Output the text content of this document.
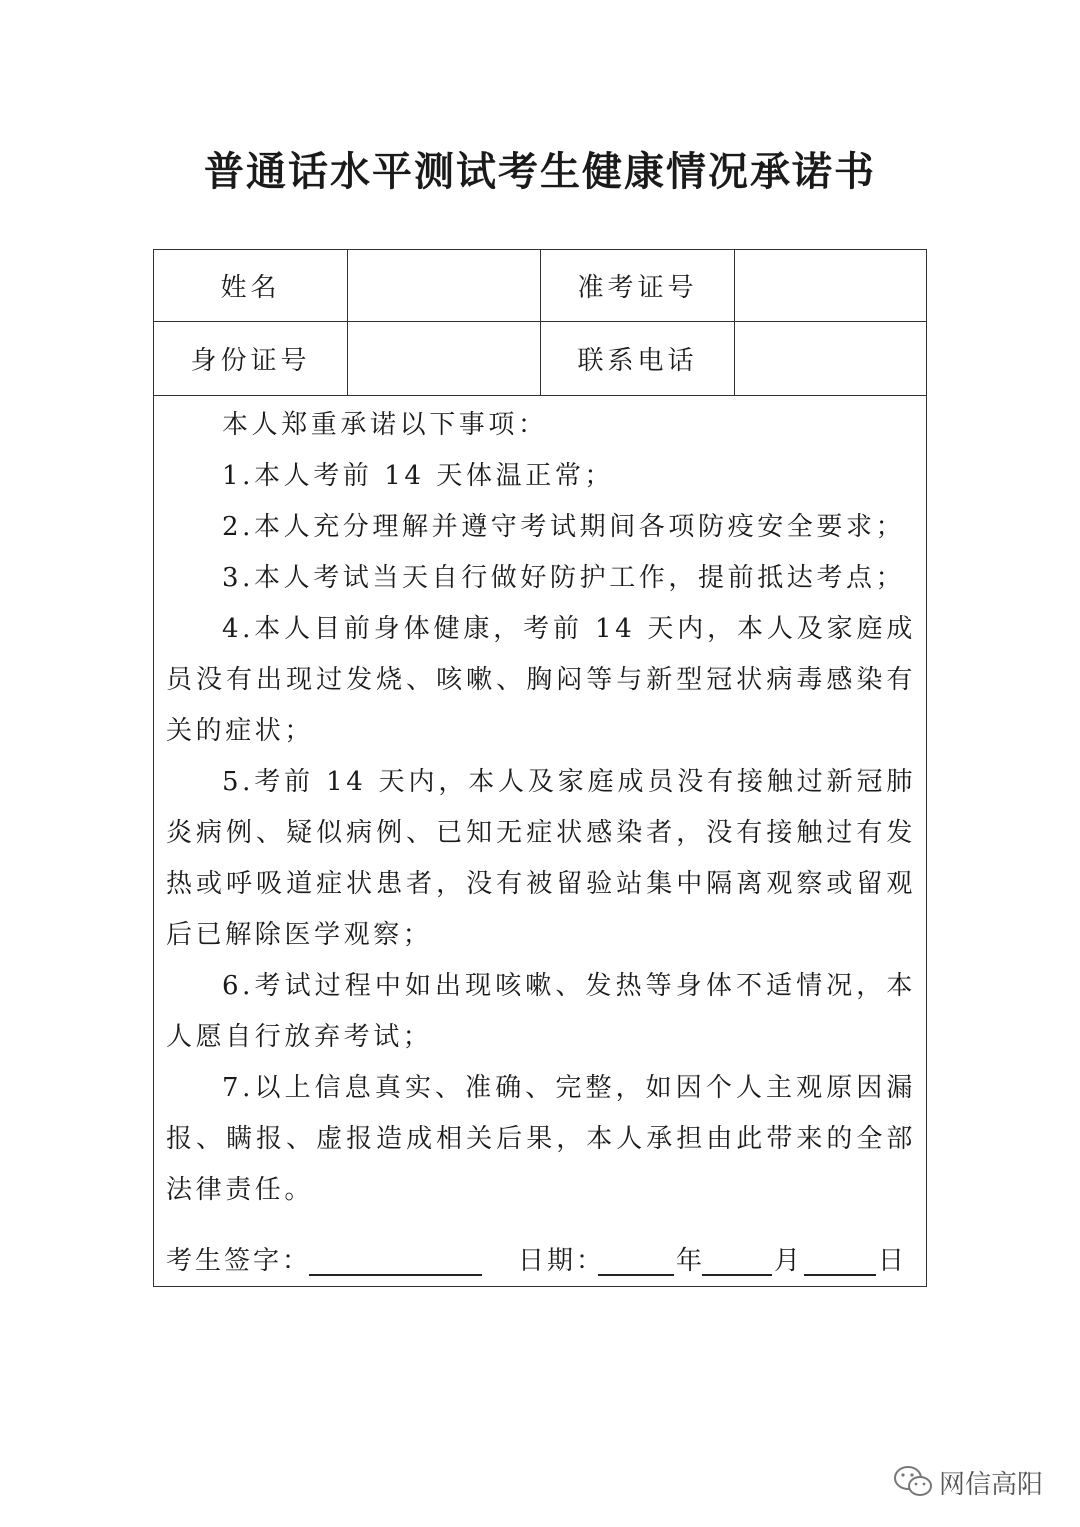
普通话水平测试考生健康情况承诺书
姓名	准考证号
身份证号	联系电话

本人郑重承诺以下事项：

1.本人考前 14 天体温正常；

2.本人充分理解并遵守考试期间各项防疫安全要求；

3.本人考试当天自行做好防护工作，提前抵达考点；

4.本人目前身体健康，考前 14 天内，本人及家庭成员没有出现过发烧、咳嗽、胸闷等与新型冠状病毒感染有关的症状；

5.考前 14 天内，本人及家庭成员没有接触过新冠肺炎病例、疑似病例、已知无症状感染者，没有接触过有发热或呼吸道症状患者，没有被留验站集中隔离观察或留观后已解除医学观察；

6.考试过程中如出现咳嗽、发热等身体不适情况，本人愿自行放弃考试；

7.以上信息真实、准确、完整，如因个人主观原因漏报、瞒报、虚报造成相关后果，本人承担由此带来的全部法律责任。

考生签字：	日期：	年	月	日
网信高阳
